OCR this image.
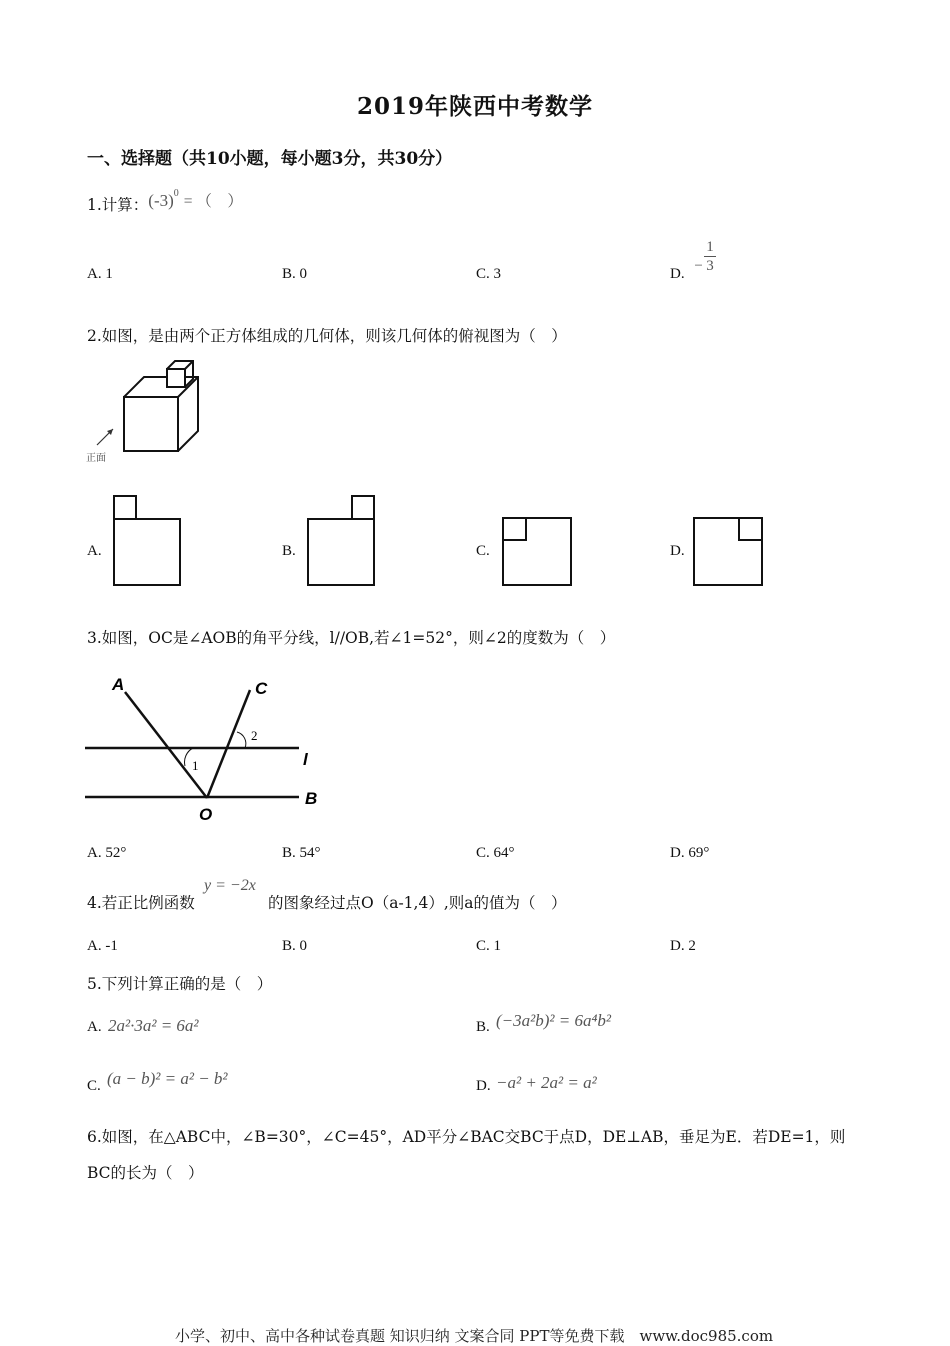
2019年陕西中考数学
一、选择题（共10小题，每小题3分，共30分）
1.计算：$(-3)^0$ = （　）
A. 1	B. 0	C. 3	D. − $\frac{1}{3}$
2.如图，是由两个正方体组成的几何体，则该几何体的俯视图为（　）
正面
A.	B.	C.	D.
3.如图，OC是∠AOB的角平分线，l//OB,若∠1=52°，则∠2的度数为（　）
A	C
O
B
l
1
2
A. 52°	B. 54°	C. 64°	D. 69°
4.若正比例函数
y = −2x
的图象经过点O（a-1,4）,则a的值为（　）
A. -1	B. 0	C. 1	D. 2
5.下列计算正确的是（　）
A. 2a²·3a² = 6a²	B. (−3a²b)² = 6a⁴b²
C. (a − b)² = a² − b²	D. −a² + 2a² = a²
6.如图，在△ABC中，∠B=30°，∠C=45°，AD平分∠BAC交BC于点D，DE⊥AB，垂足为E．若DE=1，则
BC的长为（　）
小学、初中、高中各种试卷真题 知识归纳 文案合同 PPT等免费下载　www.doc985.com
